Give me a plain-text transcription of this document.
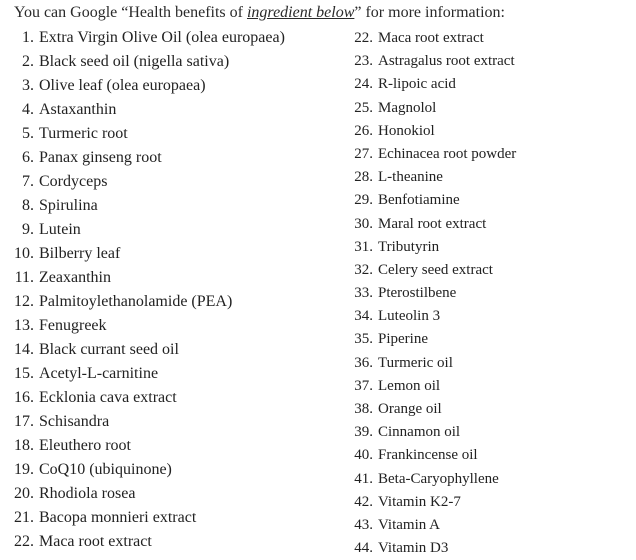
You can Google “Health benefits of ingredient below” for more information:
1. Extra Virgin Olive Oil (olea europaea)
2. Black seed oil (nigella sativa)
3. Olive leaf (olea europaea)
4. Astaxanthin
5. Turmeric root
6. Panax ginseng root
7. Cordyceps
8. Spirulina
9. Lutein
10. Bilberry leaf
11. Zeaxanthin
12. Palmitoylethanolamide (PEA)
13. Fenugreek
14. Black currant seed oil
15. Acetyl-L-carnitine
16. Ecklonia cava extract
17. Schisandra
18. Eleuthero root
19. CoQ10 (ubiquinone)
20. Rhodiola rosea
21. Bacopa monnieri extract
22. Maca root extract
22. Maca root extract
23. Astragalus root extract
24. R-lipoic acid
25. Magnolol
26. Honokiol
27. Echinacea root powder
28. L-theanine
29. Benfotiamine
30. Maral root extract
31. Tributyrin
32. Celery seed extract
33. Pterostilbene
34. Luteolin 3
35. Piperine
36. Turmeric oil
37. Lemon oil
38. Orange oil
39. Cinnamon oil
40. Frankincense oil
41. Beta-Caryophyllene
42. Vitamin K2-7
43. Vitamin A
44. Vitamin D3
